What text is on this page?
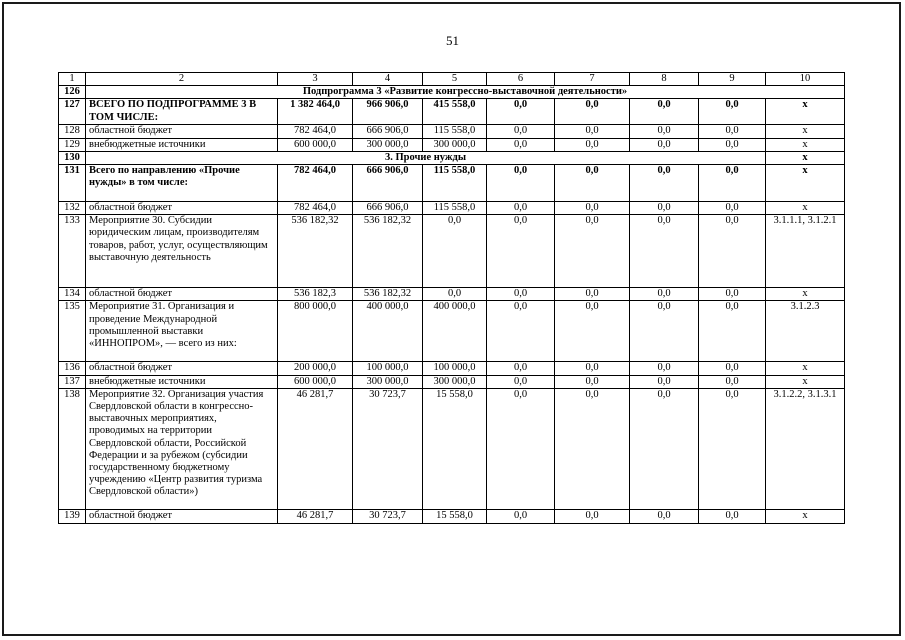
51
1	2	3	4	5	6	7	8	9	10
126	Подпрограмма 3 «Развитие конгрессно-выставочной деятельности»								
127	ВСЕГО ПО ПОДПРОГРАММЕ 3 В ТОМ ЧИСЛЕ:	1 382 464,0	966 906,0	415 558,0	0,0	0,0	0,0	0,0	х
128	областной бюджет	782 464,0	666 906,0	115 558,0	0,0	0,0	0,0	0,0	х
129	внебюджетные источники	600 000,0	300 000,0	300 000,0	0,0	0,0	0,0	0,0	х
130	3. Прочие нужды								х
131	Всего по направлению «Прочие нужды» в том числе:	782 464,0	666 906,0	115 558,0	0,0	0,0	0,0	0,0	х
132	областной бюджет	782 464,0	666 906,0	115 558,0	0,0	0,0	0,0	0,0	х
133	Мероприятие 30. Субсидии юридическим лицам, производителям товаров, работ, услуг, осуществляющим выставочную деятельность	536 182,32	536 182,32	0,0	0,0	0,0	0,0	0,0	3.1.1.1, 3.1.2.1
134	областной бюджет	536 182,3	536 182,32	0,0	0,0	0,0	0,0	0,0	х
135	Мероприятие 31. Организация и проведение Международной промышленной выставки «ИННОПРОМ», — всего из них:	800 000,0	400 000,0	400 000,0	0,0	0,0	0,0	0,0	3.1.2.3
136	областной бюджет	200 000,0	100 000,0	100 000,0	0,0	0,0	0,0	0,0	х
137	внебюджетные источники	600 000,0	300 000,0	300 000,0	0,0	0,0	0,0	0,0	х
138	Мероприятие 32. Организация участия Свердловской области в конгрессно-выставочных мероприятиях, проводимых на территории Свердловской области, Российской Федерации и за рубежом (субсидии государственному бюджетному учреждению «Центр развития туризма Свердловской области»)	46 281,7	30 723,7	15 558,0	0,0	0,0	0,0	0,0	3.1.2.2, 3.1.3.1
139	областной бюджет	46 281,7	30 723,7	15 558,0	0,0	0,0	0,0	0,0	х
